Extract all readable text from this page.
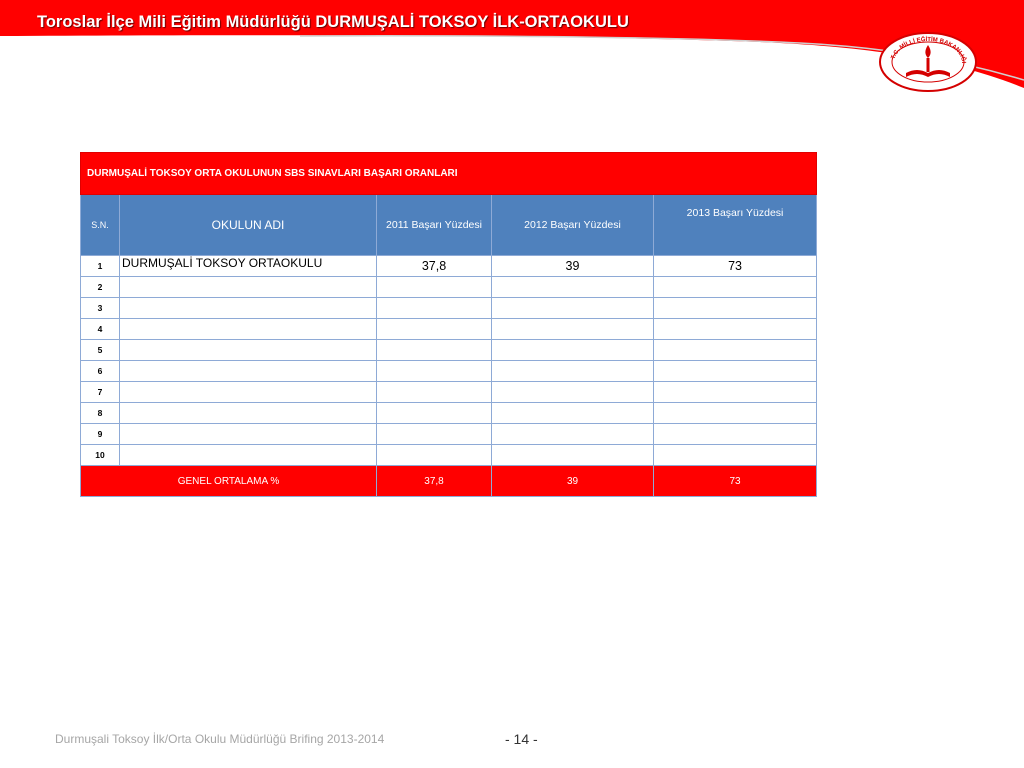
Toroslar İlçe Mili Eğitim Müdürlüğü DURMUŞALİ TOKSOY İLK-ORTAOKULU
T.C. MİLLİ EĞİTİM BAKANLIĞI
DURMUŞALİ TOKSOY ORTA OKULUNUN SBS SINAVLARI BAŞARI ORANLARI				
S.N.	OKULUN ADI	2011 Başarı Yüzdesi	2012 Başarı Yüzdesi	2013 Başarı Yüzdesi
1	DURMUŞALİ TOKSOY ORTAOKULU	37,8	39	73
2				
3				
4				
5				
6				
7				
8				
9				
10				
GENEL ORTALAMA %		37,8	39	73
Durmuşali Toksoy İlk/Orta Okulu Müdürlüğü Brifing 2013-2014	- 14 -
